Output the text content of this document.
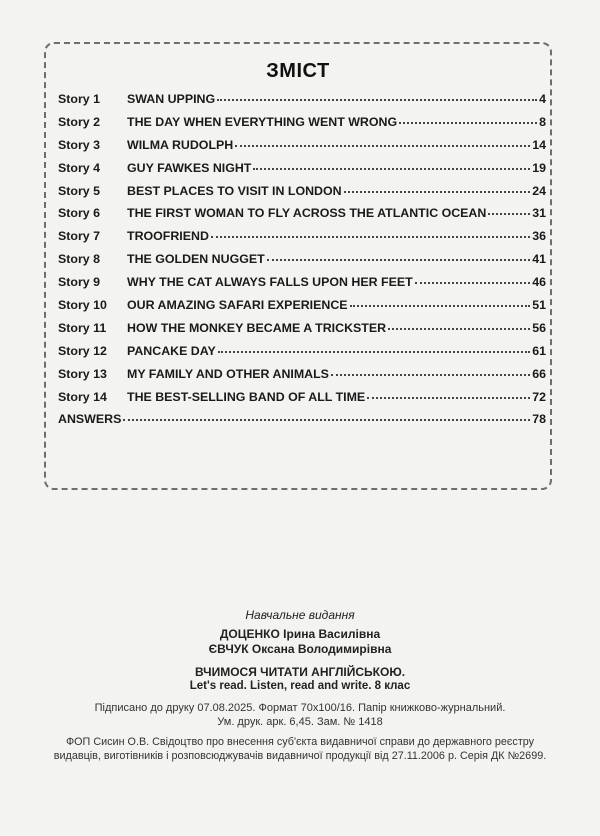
ЗМІСТ
Story 1	SWAN UPPING	4
Story 2	THE DAY WHEN EVERYTHING WENT WRONG	8
Story 3	WILMA RUDOLPH	14
Story 4	GUY FAWKES NIGHT	19
Story 5	BEST PLACES TO VISIT IN LONDON	24
Story 6	THE FIRST WOMAN TO FLY ACROSS THE ATLANTIC OCEAN	31
Story 7	TROOFRIEND	36
Story 8	THE GOLDEN NUGGET	41
Story 9	WHY THE CAT ALWAYS FALLS UPON HER FEET	46
Story 10	OUR AMAZING SAFARI EXPERIENCE	51
Story 11	HOW THE MONKEY BECAME A TRICKSTER	56
Story 12	PANCAKE DAY	61
Story 13	MY FAMILY AND OTHER ANIMALS	66
Story 14	THE BEST-SELLING BAND OF ALL TIME	72
ANSWERS	78
Навчальне видання
ДОЦЕНКО Ірина Василівна
ЄВЧУК Оксана Володимирівна
ВЧИМОСЯ ЧИТАТИ АНГЛІЙСЬКОЮ.
Let's read. Listen, read and write. 8 клас
Підписано до друку 07.08.2025. Формат 70х100/16. Папір книжково-журнальний.
Ум. друк. арк. 6,45. Зам. № 1418
ФОП Сисин О.В. Свідоцтво про внесення суб'єкта видавничої справи до державного реєстру
видавців, виготівників і розповсюджувачів видавничої продукції від 27.11.2006 р. Серія ДК №2699.
